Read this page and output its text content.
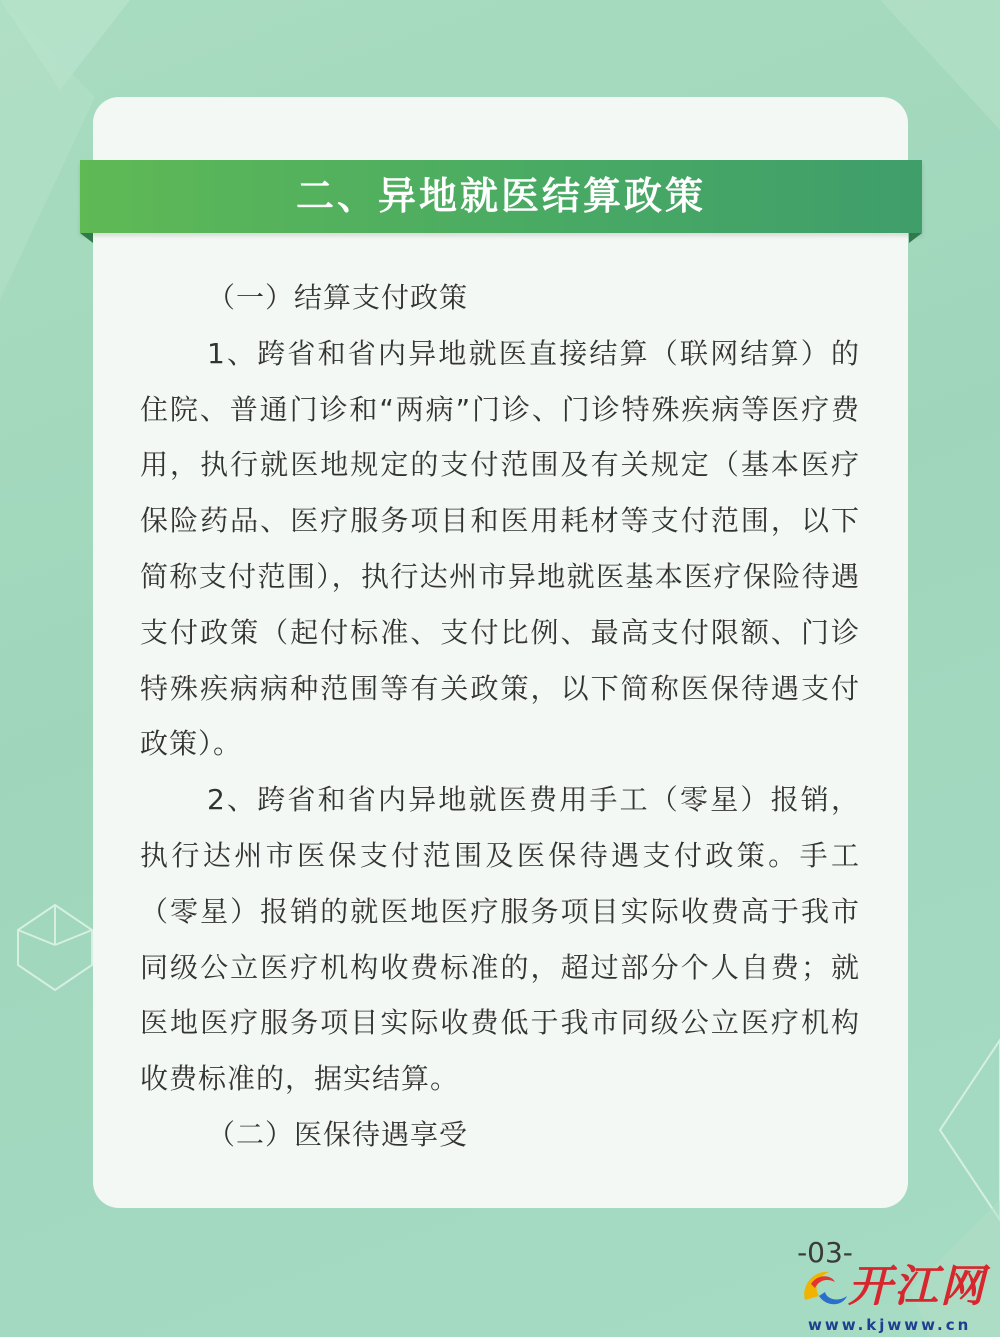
二、异地就医结算政策

（一）结算支付政策

1、跨省和省内异地就医直接结算（联网结算）的住院、普通门诊和“两病”门诊、门诊特殊疾病等医疗费用，执行就医地规定的支付范围及有关规定（基本医疗保险药品、医疗服务项目和医用耗材等支付范围，以下简称支付范围），执行达州市异地就医基本医疗保险待遇支付政策（起付标准、支付比例、最高支付限额、门诊特殊疾病病种范围等有关政策，以下简称医保待遇支付政策）。

2、跨省和省内异地就医费用手工（零星）报销，执行达州市医保支付范围及医保待遇支付政策。手工（零星）报销的就医地医疗服务项目实际收费高于我市同级公立医疗机构收费标准的，超过部分个人自费；就医地医疗服务项目实际收费低于我市同级公立医疗机构收费标准的，据实结算。

（二）医保待遇享受

-03-
开江网
www.kjwww.cn
